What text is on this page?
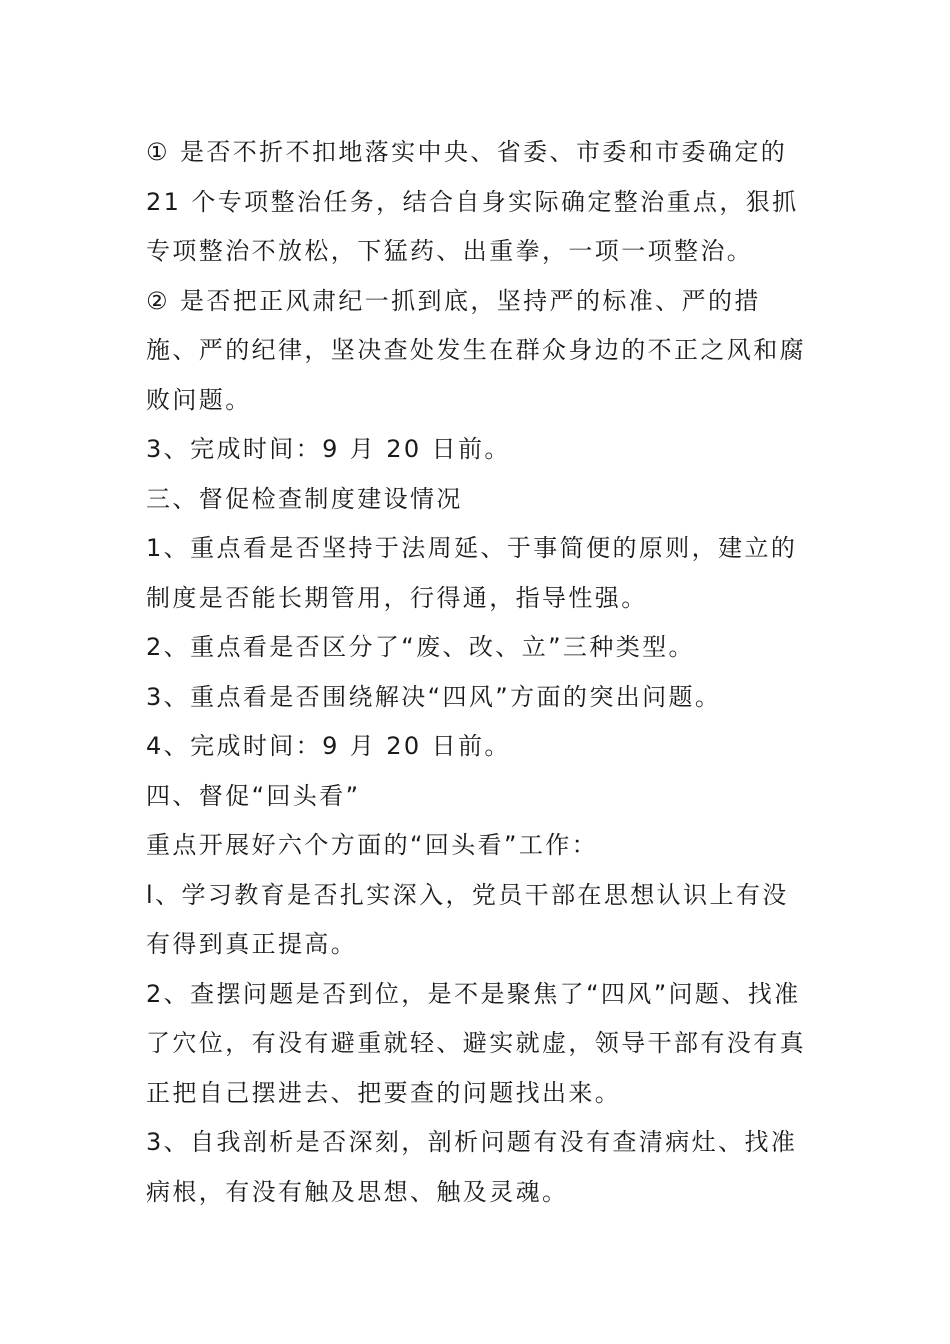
① 是否不折不扣地落实中央、省委、市委和市委确定的 21 个专项整治任务，结合自身实际确定整治重点，狠抓专项整治不放松，下猛药、出重拳，一项一项整治。

② 是否把正风肃纪一抓到底，坚持严的标准、严的措施、严的纪律，坚决查处发生在群众身边的不正之风和腐败问题。

3、完成时间：9 月 20 日前。

三、督促检查制度建设情况

1、重点看是否坚持于法周延、于事简便的原则，建立的制度是否能长期管用，行得通，指导性强。

2、重点看是否区分了“废、改、立”三种类型。

3、重点看是否围绕解决“四风”方面的突出问题。

4、完成时间：9 月 20 日前。

四、督促“回头看”

重点开展好六个方面的“回头看”工作：

l、学习教育是否扎实深入，党员干部在思想认识上有没有得到真正提高。

2、查摆问题是否到位，是不是聚焦了“四风”问题、找准了穴位，有没有避重就轻、避实就虚，领导干部有没有真正把自己摆进去、把要查的问题找出来。

3、自我剖析是否深刻，剖析问题有没有查清病灶、找准病根，有没有触及思想、触及灵魂。
